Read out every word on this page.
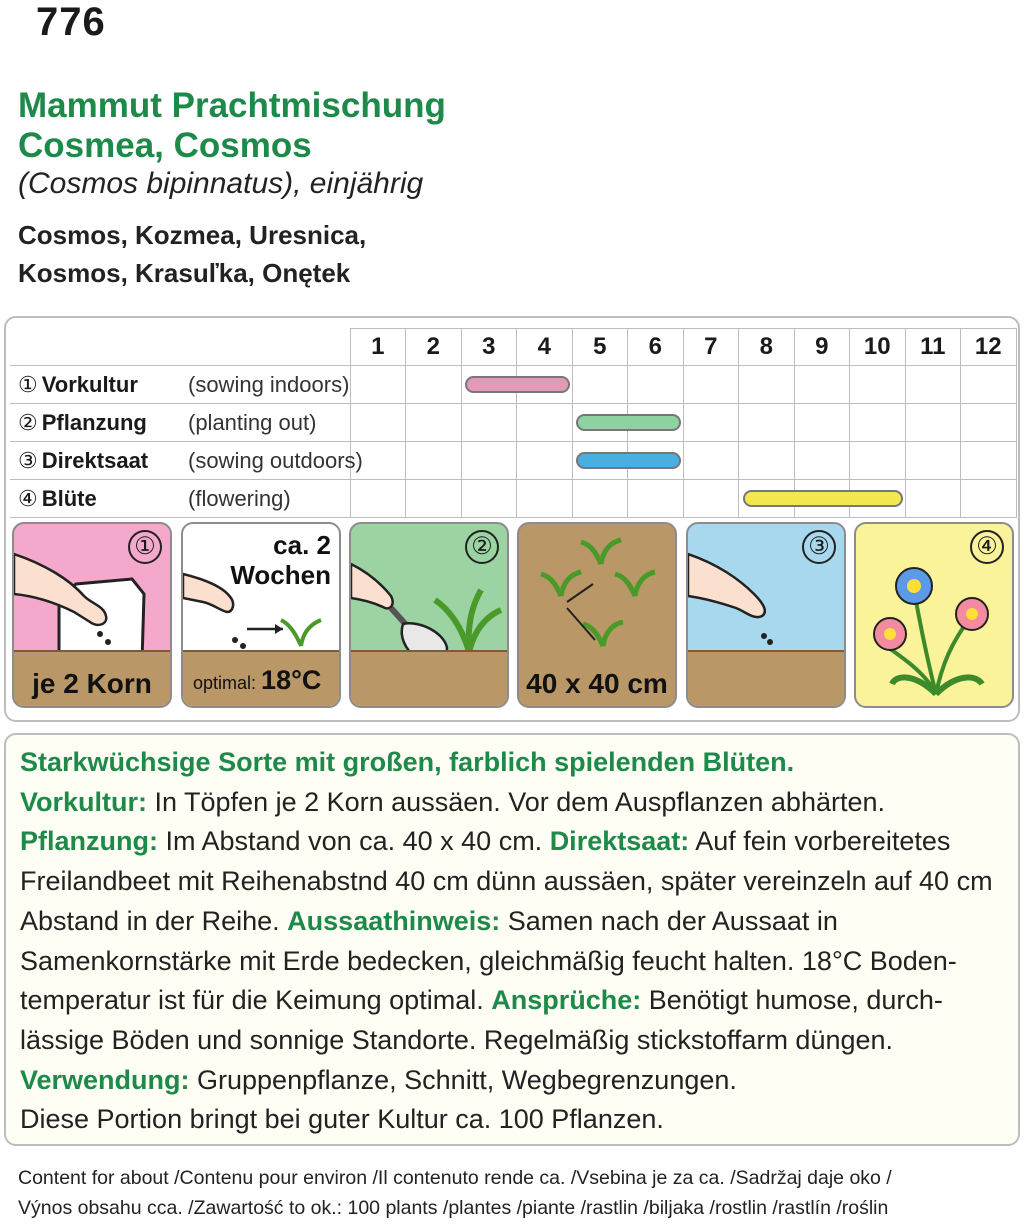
776
Mammut Prachtmischung
Cosmea, Cosmos
(Cosmos bipinnatus), einjährig
Cosmos, Kozmea, Uresnica,
Kosmos, Krasuľka, Onętek
	1	2	3	4	5	6	7	8	9	10	11	12

① Vorkultur (sowing indoors)												

② Pflanzung (planting out)												

③ Direktsaat (sowing outdoors)												

④ Blüte (flowering)												

①
je 2 Korn
ca. 2
Wochen
optimal: 18°C
②
40 x 40 cm
③	④
Starkwüchsige Sorte mit großen, farblich spielenden Blüten.
Vorkultur: In Töpfen je 2 Korn aussäen. Vor dem Auspflanzen abhärten.
Pflanzung: Im Abstand von ca. 40 x 40 cm. Direktsaat: Auf fein vorbereitetes Freilandbeet mit Reihenabstnd 40 cm dünn aussäen, später vereinzeln auf 40 cm Abstand in der Reihe. Aussaathinweis: Samen nach der Aussaat in Samenkornstärke mit Erde bedecken, gleichmäßig feucht halten. 18°C Boden-temperatur ist für die Keimung optimal. Ansprüche: Benötigt humose, durch-lässige Böden und sonnige Standorte. Regelmäßig stickstoffarm düngen.
Verwendung: Gruppenpflanze, Schnitt, Wegbegrenzungen.
Diese Portion bringt bei guter Kultur ca. 100 Pflanzen.
Content for about /Contenu pour environ /Il contenuto rende ca. /Vsebina je za ca. /Sadržaj daje oko /
Výnos obsahu cca. /Zawartość to ok.: 100 plants /plantes /piante /rastlin /biljaka /rostlin /rastlín /roślin
